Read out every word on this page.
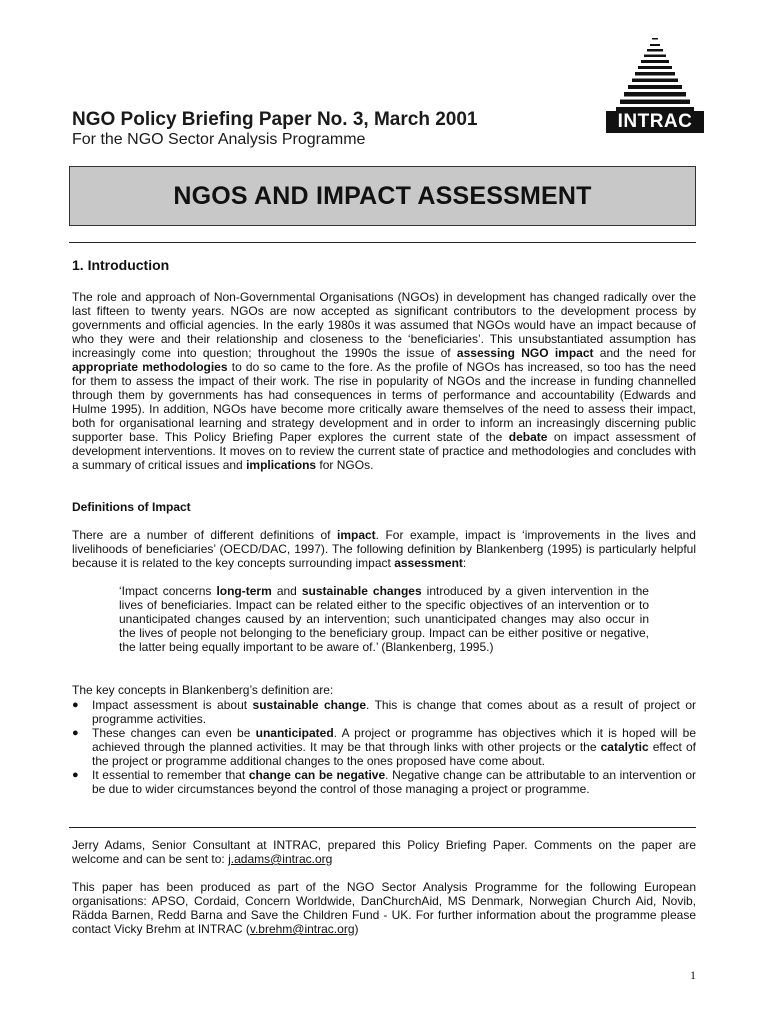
INTRAC
NGO Policy Briefing Paper No. 3, March 2001
For the NGO Sector Analysis Programme
NGOS AND IMPACT ASSESSMENT
1. Introduction
The role and approach of Non-Governmental Organisations (NGOs) in development has changed radically over the last fifteen to twenty years. NGOs are now accepted as significant contributors to the development process by governments and official agencies. In the early 1980s it was assumed that NGOs would have an impact because of who they were and their relationship and closeness to the ‘beneficiaries’. This unsubstantiated assumption has increasingly come into question; throughout the 1990s the issue of assessing NGO impact and the need for appropriate methodologies to do so came to the fore. As the profile of NGOs has increased, so too has the need for them to assess the impact of their work. The rise in popularity of NGOs and the increase in funding channelled through them by governments has had consequences in terms of performance and accountability (Edwards and Hulme 1995). In addition, NGOs have become more critically aware themselves of the need to assess their impact, both for organisational learning and strategy development and in order to inform an increasingly discerning public supporter base. This Policy Briefing Paper explores the current state of the debate on impact assessment of development interventions. It moves on to review the current state of practice and methodologies and concludes with a summary of critical issues and implications for NGOs.
Definitions of Impact
There are a number of different definitions of impact. For example, impact is ‘improvements in the lives and livelihoods of beneficiaries’ (OECD/DAC, 1997). The following definition by Blankenberg (1995) is particularly helpful because it is related to the key concepts surrounding impact assessment:
‘Impact concerns long-term and sustainable changes introduced by a given intervention in the lives of beneficiaries. Impact can be related either to the specific objectives of an intervention or to unanticipated changes caused by an intervention; such unanticipated changes may also occur in the lives of people not belonging to the beneficiary group. Impact can be either positive or negative, the latter being equally important to be aware of.’ (Blankenberg, 1995.)
The key concepts in Blankenberg’s definition are:
●	Impact assessment is about sustainable change. This is change that comes about as a result of project or programme activities.
●	These changes can even be unanticipated. A project or programme has objectives which it is hoped will be achieved through the planned activities. It may be that through links with other projects or the catalytic effect of the project or programme additional changes to the ones proposed have come about.
●	It essential to remember that change can be negative. Negative change can be attributable to an intervention or be due to wider circumstances beyond the control of those managing a project or programme.
Jerry Adams, Senior Consultant at INTRAC, prepared this Policy Briefing Paper. Comments on the paper are welcome and can be sent to: j.adams@intrac.org
This paper has been produced as part of the NGO Sector Analysis Programme for the following European organisations: APSO, Cordaid, Concern Worldwide, DanChurchAid, MS Denmark, Norwegian Church Aid, Novib, Rädda Barnen, Redd Barna and Save the Children Fund - UK. For further information about the programme please contact Vicky Brehm at INTRAC (v.brehm@intrac.org)
1
